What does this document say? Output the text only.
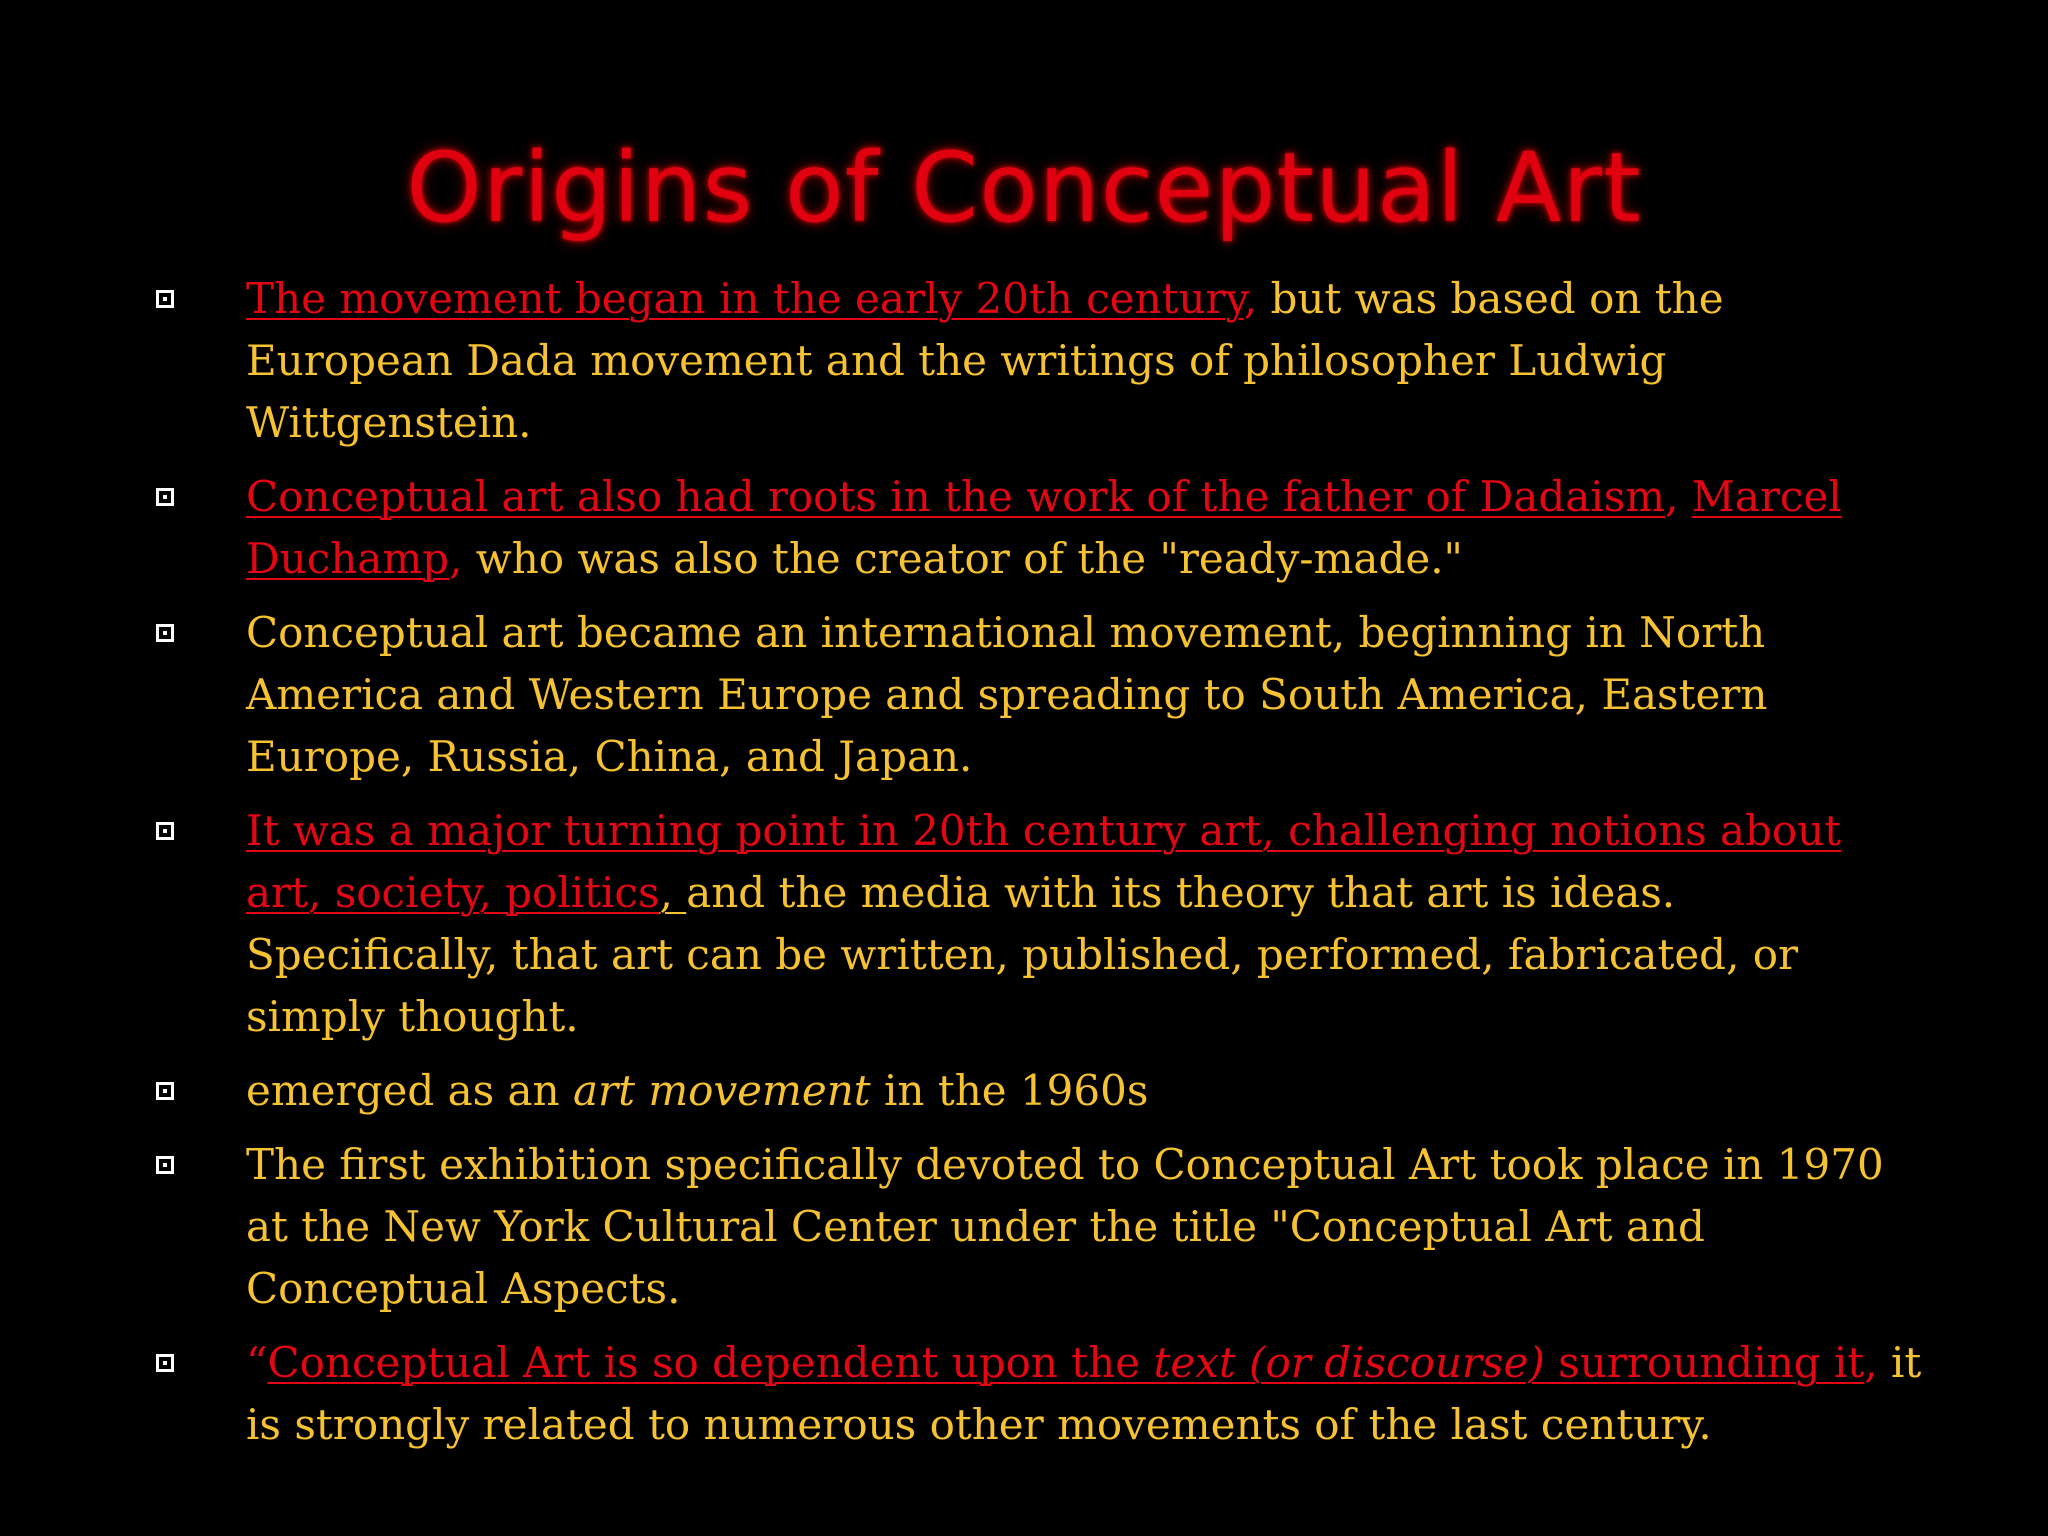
Origins of Conceptual Art
The movement began in the early 20th century, but was based on the European Dada movement and the writings of philosopher Ludwig Wittgenstein.
Conceptual art also had roots in the work of the father of Dadaism, Marcel Duchamp, who was also the creator of the "ready-made."
Conceptual art became an international movement, beginning in North America and Western Europe and spreading to South America, Eastern Europe, Russia, China, and Japan.
It was a major turning point in 20th century art, challenging notions about art, society, politics, and the media with its theory that art is ideas. Specifically, that art can be written, published, performed, fabricated, or simply thought.
emerged as an art movement in the 1960s
The first exhibition specifically devoted to Conceptual Art took place in 1970 at the New York Cultural Center under the title "Conceptual Art and Conceptual Aspects.
“Conceptual Art is so dependent upon the text (or discourse) surrounding it, it is strongly related to numerous other movements of the last century.
